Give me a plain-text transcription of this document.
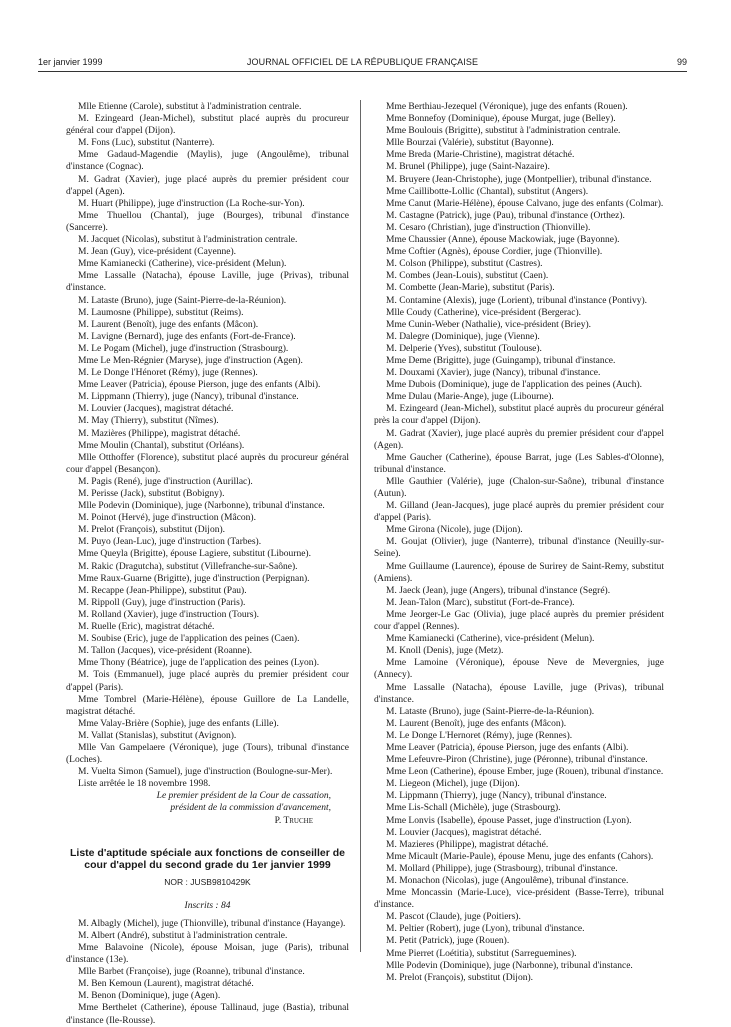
1er janvier 1999	JOURNAL OFFICIEL DE LA RÉPUBLIQUE FRANÇAISE	99

Mlle Etienne (Carole), substitut à l'administration centrale.

M. Ezingeard (Jean-Michel), substitut placé auprès du procureur général cour d'appel (Dijon).

M. Fons (Luc), substitut (Nanterre).

Mme Gadaud-Magendie (Maylis), juge (Angoulême), tribunal d'instance (Cognac).

M. Gadrat (Xavier), juge placé auprès du premier président cour d'appel (Agen).

M. Huart (Philippe), juge d'instruction (La Roche-sur-Yon).

Mme Thuellou (Chantal), juge (Bourges), tribunal d'instance (Sancerre).

M. Jacquet (Nicolas), substitut à l'administration centrale.

M. Jean (Guy), vice-président (Cayenne).

Mme Kamianecki (Catherine), vice-président (Melun).

Mme Lassalle (Natacha), épouse Laville, juge (Privas), tribunal d'instance.

M. Lataste (Bruno), juge (Saint-Pierre-de-la-Réunion).

M. Laumosne (Philippe), substitut (Reims).

M. Laurent (Benoît), juge des enfants (Mâcon).

M. Lavigne (Bernard), juge des enfants (Fort-de-France).

M. Le Pogam (Michel), juge d'instruction (Strasbourg).

Mme Le Men-Régnier (Maryse), juge d'instruction (Agen).

M. Le Donge l'Hénoret (Rémy), juge (Rennes).

Mme Leaver (Patricia), épouse Pierson, juge des enfants (Albi).

M. Lippmann (Thierry), juge (Nancy), tribunal d'instance.

M. Louvier (Jacques), magistrat détaché.

M. May (Thierry), substitut (Nîmes).

M. Mazières (Philippe), magistrat détaché.

Mme Moulin (Chantal), substitut (Orléans).

Mlle Otthoffer (Florence), substitut placé auprès du procureur général cour d'appel (Besançon).

M. Pagis (René), juge d'instruction (Aurillac).

M. Perisse (Jack), substitut (Bobigny).

Mlle Podevin (Dominique), juge (Narbonne), tribunal d'instance.

M. Poinot (Hervé), juge d'instruction (Mâcon).

M. Prelot (François), substitut (Dijon).

M. Puyo (Jean-Luc), juge d'instruction (Tarbes).

Mme Queyla (Brigitte), épouse Lagiere, substitut (Libourne).

M. Rakic (Dragutcha), substitut (Villefranche-sur-Saône).

Mme Raux-Guarne (Brigitte), juge d'instruction (Perpignan).

M. Recappe (Jean-Philippe), substitut (Pau).

M. Rippoll (Guy), juge d'instruction (Paris).

M. Rolland (Xavier), juge d'instruction (Tours).

M. Ruelle (Eric), magistrat détaché.

M. Soubise (Eric), juge de l'application des peines (Caen).

M. Tallon (Jacques), vice-président (Roanne).

Mme Thony (Béatrice), juge de l'application des peines (Lyon).

M. Tois (Emmanuel), juge placé auprès du premier président cour d'appel (Paris).

Mme Tombrel (Marie-Hélène), épouse Guillore de La Landelle, magistrat détaché.

Mme Valay-Brière (Sophie), juge des enfants (Lille).

M. Vallat (Stanislas), substitut (Avignon).

Mlle Van Gampelaere (Véronique), juge (Tours), tribunal d'instance (Loches).

M. Vuelta Simon (Samuel), juge d'instruction (Boulogne-sur-Mer).

Liste arrêtée le 18 novembre 1998.

Le premier président de la Cour de cassation,

président de la commission d'avancement,

P. Truche

Liste d'aptitude spéciale aux fonctions de conseiller de cour d'appel du second grade du 1er janvier 1999
NOR : JUSB9810429K
Inscrits : 84

M. Albagly (Michel), juge (Thionville), tribunal d'instance (Hayange).

M. Albert (André), substitut à l'administration centrale.

Mme Balavoine (Nicole), épouse Moisan, juge (Paris), tribunal d'instance (13e).

Mlle Barbet (Françoise), juge (Roanne), tribunal d'instance.

M. Ben Kemoun (Laurent), magistrat détaché.

M. Benon (Dominique), juge (Agen).

Mme Berthelet (Catherine), épouse Tallinaud, juge (Bastia), tribunal d'instance (Ile-Rousse).

Mme Berthiau-Jezequel (Véronique), juge des enfants (Rouen).

Mme Bonnefoy (Dominique), épouse Murgat, juge (Belley).

Mme Boulouis (Brigitte), substitut à l'administration centrale.

Mlle Bourzai (Valérie), substitut (Bayonne).

Mme Breda (Marie-Christine), magistrat détaché.

M. Brunel (Philippe), juge (Saint-Nazaire).

M. Bruyere (Jean-Christophe), juge (Montpellier), tribunal d'instance.

Mme Caillibotte-Lollic (Chantal), substitut (Angers).

Mme Canut (Marie-Hélène), épouse Calvano, juge des enfants (Colmar).

M. Castagne (Patrick), juge (Pau), tribunal d'instance (Orthez).

M. Cesaro (Christian), juge d'instruction (Thionville).

Mme Chaussier (Anne), épouse Mackowiak, juge (Bayonne).

Mme Coftier (Agnès), épouse Cordier, juge (Thionville).

M. Colson (Philippe), substitut (Castres).

M. Combes (Jean-Louis), substitut (Caen).

M. Combette (Jean-Marie), substitut (Paris).

M. Contamine (Alexis), juge (Lorient), tribunal d'instance (Pontivy).

Mlle Coudy (Catherine), vice-président (Bergerac).

Mme Cunin-Weber (Nathalie), vice-président (Briey).

M. Dalegre (Dominique), juge (Vienne).

M. Delperie (Yves), substitut (Toulouse).

Mme Deme (Brigitte), juge (Guingamp), tribunal d'instance.

M. Douxami (Xavier), juge (Nancy), tribunal d'instance.

Mme Dubois (Dominique), juge de l'application des peines (Auch).

Mme Dulau (Marie-Ange), juge (Libourne).

M. Ezingeard (Jean-Michel), substitut placé auprès du procureur général près la cour d'appel (Dijon).

M. Gadrat (Xavier), juge placé auprès du premier président cour d'appel (Agen).

Mme Gaucher (Catherine), épouse Barrat, juge (Les Sables-d'Olonne), tribunal d'instance.

Mlle Gauthier (Valérie), juge (Chalon-sur-Saône), tribunal d'instance (Autun).

M. Gilland (Jean-Jacques), juge placé auprès du premier président cour d'appel (Paris).

Mme Girona (Nicole), juge (Dijon).

M. Goujat (Olivier), juge (Nanterre), tribunal d'instance (Neuilly-sur-Seine).

Mme Guillaume (Laurence), épouse de Surirey de Saint-Remy, substitut (Amiens).

M. Jaeck (Jean), juge (Angers), tribunal d'instance (Segré).

M. Jean-Talon (Marc), substitut (Fort-de-France).

Mme Jeorger-Le Gac (Olivia), juge placé auprès du premier président cour d'appel (Rennes).

Mme Kamianecki (Catherine), vice-président (Melun).

M. Knoll (Denis), juge (Metz).

Mme Lamoine (Véronique), épouse Neve de Mevergnies, juge (Annecy).

Mme Lassalle (Natacha), épouse Laville, juge (Privas), tribunal d'instance.

M. Lataste (Bruno), juge (Saint-Pierre-de-la-Réunion).

M. Laurent (Benoît), juge des enfants (Mâcon).

M. Le Donge L'Hernoret (Rémy), juge (Rennes).

Mme Leaver (Patricia), épouse Pierson, juge des enfants (Albi).

Mme Lefeuvre-Piron (Christine), juge (Péronne), tribunal d'instance.

Mme Leon (Catherine), épouse Ember, juge (Rouen), tribunal d'instance.

M. Liegeon (Michel), juge (Dijon).

M. Lippmann (Thierry), juge (Nancy), tribunal d'instance.

Mme Lis-Schall (Michèle), juge (Strasbourg).

Mme Lonvis (Isabelle), épouse Passet, juge d'instruction (Lyon).

M. Louvier (Jacques), magistrat détaché.

M. Mazieres (Philippe), magistrat détaché.

Mme Micault (Marie-Paule), épouse Menu, juge des enfants (Cahors).

M. Mollard (Philippe), juge (Strasbourg), tribunal d'instance.

M. Monachon (Nicolas), juge (Angoulême), tribunal d'instance.

Mme Moncassin (Marie-Luce), vice-président (Basse-Terre), tribunal d'instance.

M. Pascot (Claude), juge (Poitiers).

M. Peltier (Robert), juge (Lyon), tribunal d'instance.

M. Petit (Patrick), juge (Rouen).

Mme Pierret (Loétitia), substitut (Sarreguemines).

Mlle Podevin (Dominique), juge (Narbonne), tribunal d'instance.

M. Prelot (François), substitut (Dijon).
